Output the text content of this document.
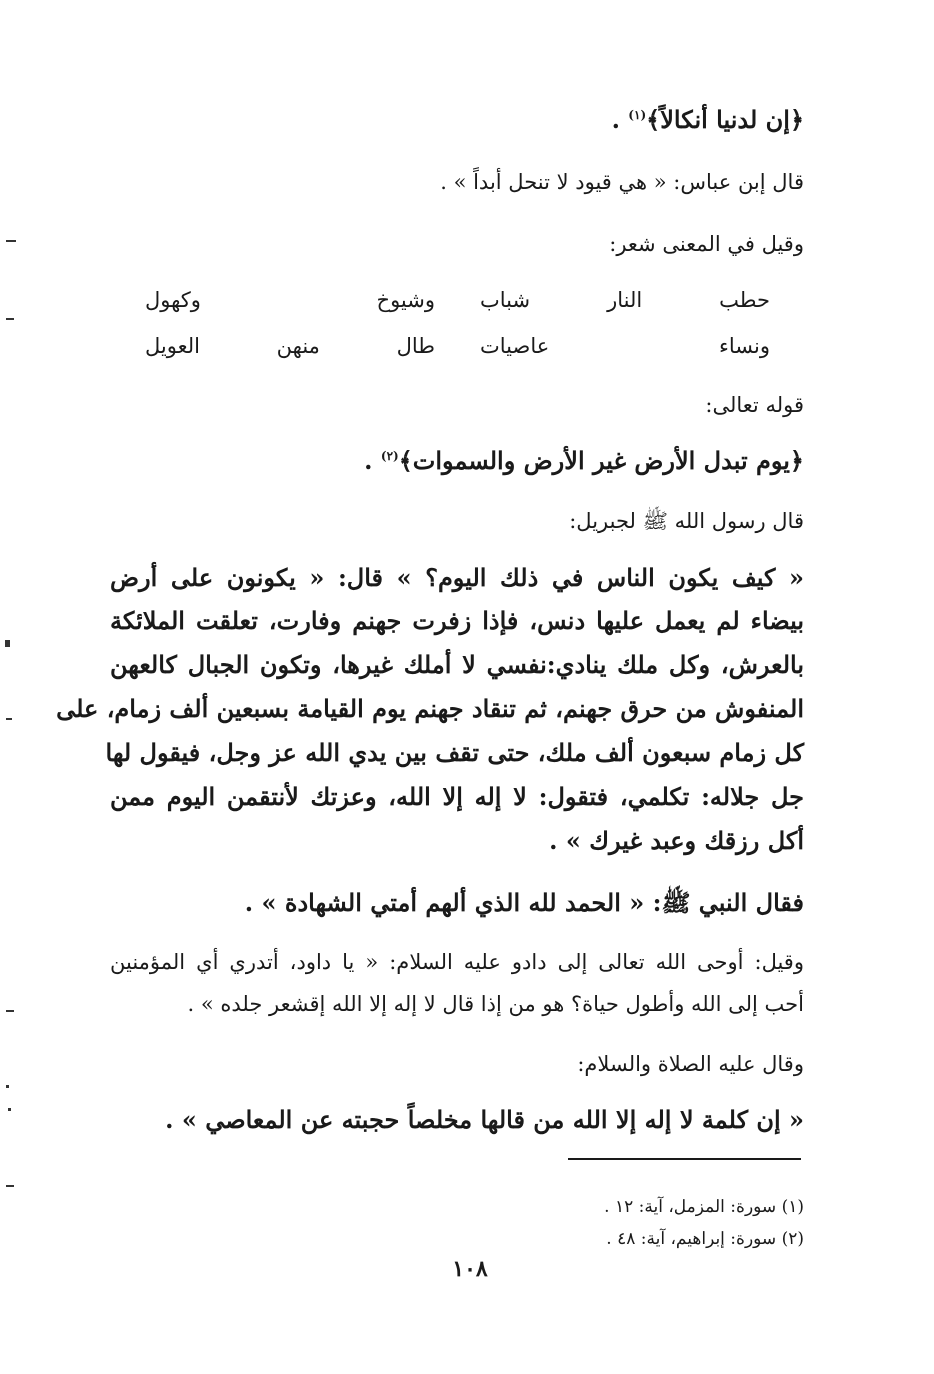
﴿إن لدنيا أنكالاً﴾$^{(١)}$ .

قال إبن عباس: « هي قيود لا تنحل أبداً » .

وقيل في المعنى شعر:

حطب النار شباب
وشيوخ وكهول
ونساء عاصيات
طال منهن العويل

قوله تعالى:

﴿يوم تبدل الأرض غير الأرض والسموات﴾$^{(٢)}$ .

قال رسول الله ﷺ لجبريل:

« كيف يكون الناس في ذلك اليوم؟ » قال: « يكونون على أرض

بيضاء لم يعمل عليها دنس، فإذا زفرت جهنم وفارت، تعلقت الملائكة

بالعرش، وكل ملك ينادي:نفسي لا أملك غيرها، وتكون الجبال كالعهن

المنفوش من حرق جهنم، ثم تنقاد جهنم يوم القيامة بسبعين ألف زمام، على

كل زمام سبعون ألف ملك، حتى تقف بين يدي الله عز وجل، فيقول لها

جل جلاله: تكلمي، فتقول: لا إله إلا الله، وعزتك لأنتقمن اليوم ممن

أكل رزقك وعبد غيرك » .

فقال النبي ﷺ: « الحمد لله الذي ألهم أمتي الشهادة » .

وقيل: أوحى الله تعالى إلى دادو عليه السلام: « يا داود، أتدري أي المؤمنين

أحب إلى الله وأطول حياة؟ هو من إذا قال لا إله إلا الله إقشعر جلده » .

وقال عليه الصلاة والسلام:

« إن كلمة لا إله إلا الله من قالها مخلصاً حجبته عن المعاصي » .

(١) سورة: المزمل، آية: ١٢ .

(٢) سورة: إبراهيم، آية: ٤٨ .

١٠٨
